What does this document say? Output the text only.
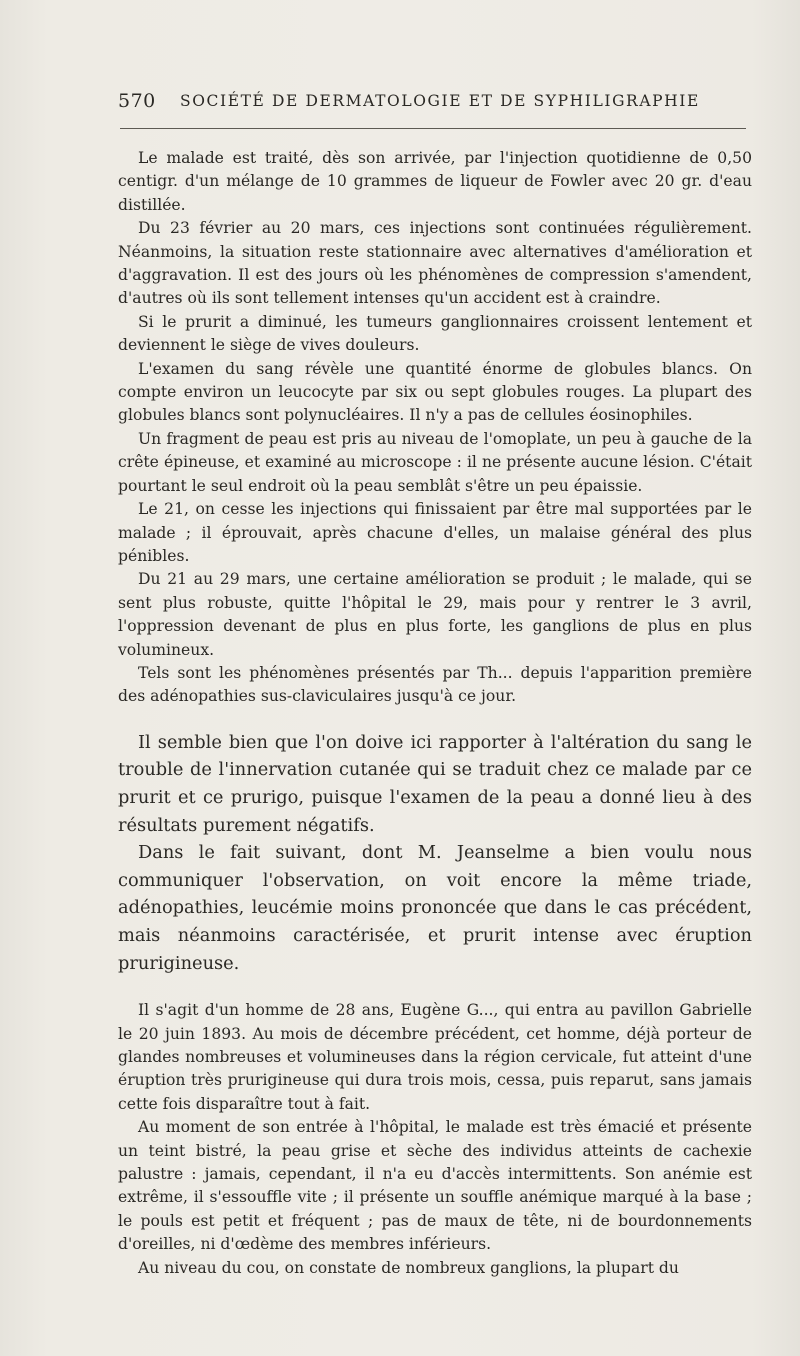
570 SOCIÉTÉ DE DERMATOLOGIE ET DE SYPHILIGRAPHIE

Le malade est traité, dès son arrivée, par l'injection quotidienne de 0,50 centigr. d'un mélange de 10 grammes de liqueur de Fowler avec 20 gr. d'eau distillée.

Du 23 février au 20 mars, ces injections sont continuées régulièrement. Néanmoins, la situation reste stationnaire avec alternatives d'amélioration et d'aggravation. Il est des jours où les phénomènes de compression s'amendent, d'autres où ils sont tellement intenses qu'un accident est à craindre.

Si le prurit a diminué, les tumeurs ganglionnaires croissent lentement et deviennent le siège de vives douleurs.

L'examen du sang révèle une quantité énorme de globules blancs. On compte environ un leucocyte par six ou sept globules rouges. La plupart des globules blancs sont polynucléaires. Il n'y a pas de cellules éosinophiles.

Un fragment de peau est pris au niveau de l'omoplate, un peu à gauche de la crête épineuse, et examiné au microscope : il ne présente aucune lésion. C'était pourtant le seul endroit où la peau semblât s'être un peu épaissie.

Le 21, on cesse les injections qui finissaient par être mal supportées par le malade ; il éprouvait, après chacune d'elles, un malaise général des plus pénibles.

Du 21 au 29 mars, une certaine amélioration se produit ; le malade, qui se sent plus robuste, quitte l'hôpital le 29, mais pour y rentrer le 3 avril, l'oppression devenant de plus en plus forte, les ganglions de plus en plus volumineux.

Tels sont les phénomènes présentés par Th... depuis l'apparition première des adénopathies sus-claviculaires jusqu'à ce jour.

Il semble bien que l'on doive ici rapporter à l'altération du sang le trouble de l'innervation cutanée qui se traduit chez ce malade par ce prurit et ce prurigo, puisque l'examen de la peau a donné lieu à des résultats purement négatifs.

Dans le fait suivant, dont M. Jeanselme a bien voulu nous communiquer l'observation, on voit encore la même triade, adénopathies, leucémie moins prononcée que dans le cas précédent, mais néanmoins caractérisée, et prurit intense avec éruption prurigineuse.

Il s'agit d'un homme de 28 ans, Eugène G..., qui entra au pavillon Gabrielle le 20 juin 1893. Au mois de décembre précédent, cet homme, déjà porteur de glandes nombreuses et volumineuses dans la région cervicale, fut atteint d'une éruption très prurigineuse qui dura trois mois, cessa, puis reparut, sans jamais cette fois disparaître tout à fait.

Au moment de son entrée à l'hôpital, le malade est très émacié et présente un teint bistré, la peau grise et sèche des individus atteints de cachexie palustre : jamais, cependant, il n'a eu d'accès intermittents. Son anémie est extrême, il s'essouffle vite ; il présente un souffle anémique marqué à la base ; le pouls est petit et fréquent ; pas de maux de tête, ni de bourdonnements d'oreilles, ni d'œdème des membres inférieurs.

Au niveau du cou, on constate de nombreux ganglions, la plupart du
